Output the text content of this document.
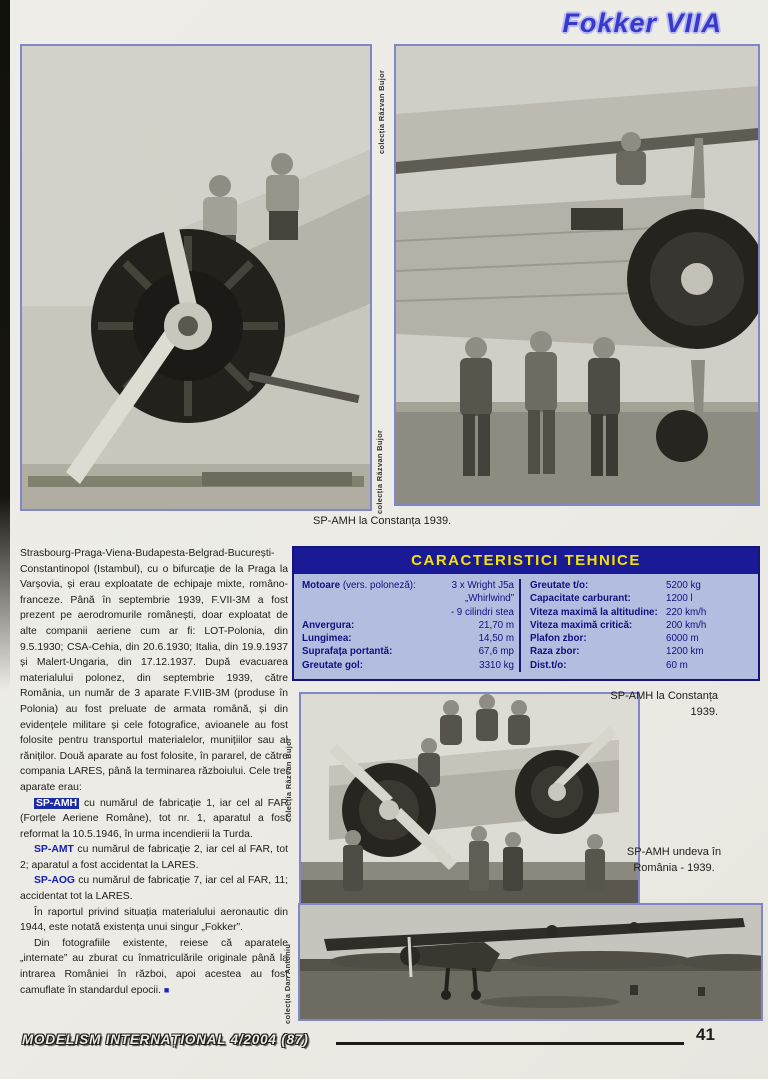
Fokker VIIA
colecția Răzvan Bujor
colecția Răzvan Bujor
SP-AMH la Constanța 1939.

Strasbourg-Praga-Viena-Budapesta-Belgrad-București-Constantinopol (Istambul), cu o bifurcație de la Praga la Varșovia, și erau exploatate de echipaje mixte, româno-franceze. Până în septembrie 1939, F.VII-3M a fost prezent pe aerodromurile românești, doar exploatat de alte companii aeriene cum ar fi: LOT-Polonia, din 9.5.1930; CSA-Cehia, din 20.6.1930; Italia, din 19.9.1937 și Malert-Ungaria, din 17.12.1937. După evacuarea materialului polonez, din septembrie 1939, către România, un număr de 3 aparate F.VIIB-3M (produse în Polonia) au fost preluate de armata română, și din evidențele militare și cele fotografice, avioanele au fost folosite pentru transportul materialelor, munițiilor sau al răniților. Două aparate au fost folosite, în pararel, de către compania LARES, până la terminarea războiului. Cele trei aparate erau:

SP-AMH cu numărul de fabricație 1, iar cel al FAR (Forțele Aeriene Române), tot nr. 1, aparatul a fost reformat la 10.5.1946, în urma incendierii la Turda.

SP-AMT cu numărul de fabricație 2, iar cel al FAR, tot 2; aparatul a fost accidentat la LARES.

SP-AOG cu numărul de fabricație 7, iar cel al FAR, 11; accidentat tot la LARES.

În raportul privind situația materialului aeronautic din 1944, este notată existența unui singur „Fokker”.

Din fotografiile existente, reiese că aparatele „internate” au zburat cu înmatriculările originale până la intrarea României în război, apoi acestea au fost camuflate în standardul epocii. ■

CARACTERISTICI TEHNICE
Motoare (vers. poloneză):	3 x Wright J5a
„Whirlwind”
- 9 cilindri stea
Anvergura:	21,70 m
Lungimea:	14,50 m
Suprafața portantă:	67,6 mp
Greutate gol:	3310 kg
Greutate t/o:	5200 kg
Capacitate carburant:	1200 l
Viteza maximă la altitudine: 220 km/h
Viteza maximă critică:	200 km/h
Plafon zbor:	6000 m
Raza zbor:	1200 km
Dist.t/o:	60 m
colecția Răzvan Bujor
SP-AMH la Constanța 1939.
SP-AMH undeva în România - 1939.
colecția Dan Antoniu
MODELISM INTERNAȚIONAL 4/2004 (87)	41
